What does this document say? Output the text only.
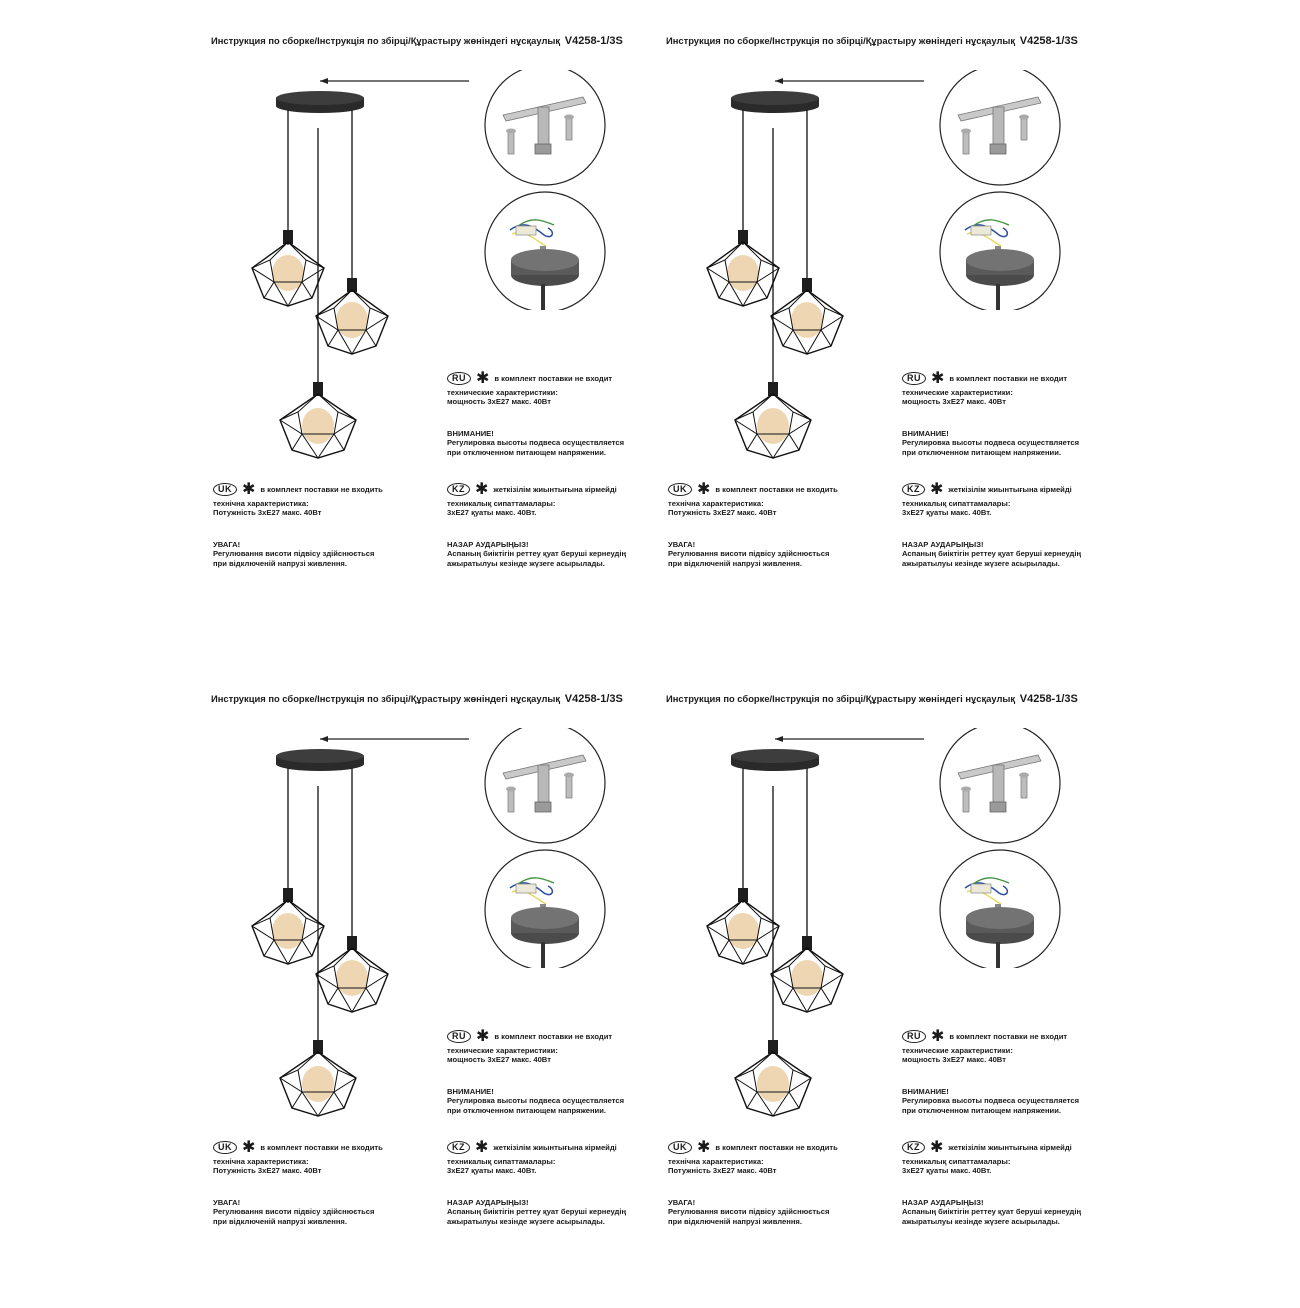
Инструкция по сборке/Інструкція по збірці/Құрастыру жөніндегі нұсқаулық V4258-1/3S
RU ✱ в комплект поставки не входит
технические характеристики:
мощность 3хЕ27 макс. 40Вт
ВНИМАНИЕ!
Регулировка высоты подвеса осуществляется
при отключенном питающем напряжении.
UK ✱ в комплект поставки не входить
технічна характеристика:
Потужність 3хЕ27 макс. 40Вт
УВАГА!
Регулювання висоти підвісу здійснюється
при відключеній напрузі живлення.
KZ ✱ жеткізілім жиынтығына кірмейді
техникалық сипаттамалары:
3хЕ27 қуаты макс. 40Вт.
НАЗАР АУДАРЫҢЫЗ!
Аспаның биіктігін реттеу қуат беруші кернеудің
ажыратылуы кезінде жүзеге асырылады.
Инструкция по сборке/Інструкція по збірці/Құрастыру жөніндегі нұсқаулық V4258-1/3S
RU ✱ в комплект поставки не входит
технические характеристики:
мощность 3хЕ27 макс. 40Вт
ВНИМАНИЕ!
Регулировка высоты подвеса осуществляется
при отключенном питающем напряжении.
UK ✱ в комплект поставки не входить
технічна характеристика:
Потужність 3хЕ27 макс. 40Вт
УВАГА!
Регулювання висоти підвісу здійснюється
при відключеній напрузі живлення.
KZ ✱ жеткізілім жиынтығына кірмейді
техникалық сипаттамалары:
3хЕ27 қуаты макс. 40Вт.
НАЗАР АУДАРЫҢЫЗ!
Аспаның биіктігін реттеу қуат беруші кернеудің
ажыратылуы кезінде жүзеге асырылады.
Инструкция по сборке/Інструкція по збірці/Құрастыру жөніндегі нұсқаулық V4258-1/3S
RU ✱ в комплект поставки не входит
технические характеристики:
мощность 3хЕ27 макс. 40Вт
ВНИМАНИЕ!
Регулировка высоты подвеса осуществляется
при отключенном питающем напряжении.
UK ✱ в комплект поставки не входить
технічна характеристика:
Потужність 3хЕ27 макс. 40Вт
УВАГА!
Регулювання висоти підвісу здійснюється
при відключеній напрузі живлення.
KZ ✱ жеткізілім жиынтығына кірмейді
техникалық сипаттамалары:
3хЕ27 қуаты макс. 40Вт.
НАЗАР АУДАРЫҢЫЗ!
Аспаның биіктігін реттеу қуат беруші кернеудің
ажыратылуы кезінде жүзеге асырылады.
Инструкция по сборке/Інструкція по збірці/Құрастыру жөніндегі нұсқаулық V4258-1/3S
RU ✱ в комплект поставки не входит
технические характеристики:
мощность 3хЕ27 макс. 40Вт
ВНИМАНИЕ!
Регулировка высоты подвеса осуществляется
при отключенном питающем напряжении.
UK ✱ в комплект поставки не входить
технічна характеристика:
Потужність 3хЕ27 макс. 40Вт
УВАГА!
Регулювання висоти підвісу здійснюється
при відключеній напрузі живлення.
KZ ✱ жеткізілім жиынтығына кірмейді
техникалық сипаттамалары:
3хЕ27 қуаты макс. 40Вт.
НАЗАР АУДАРЫҢЫЗ!
Аспаның биіктігін реттеу қуат беруші кернеудің
ажыратылуы кезінде жүзеге асырылады.
